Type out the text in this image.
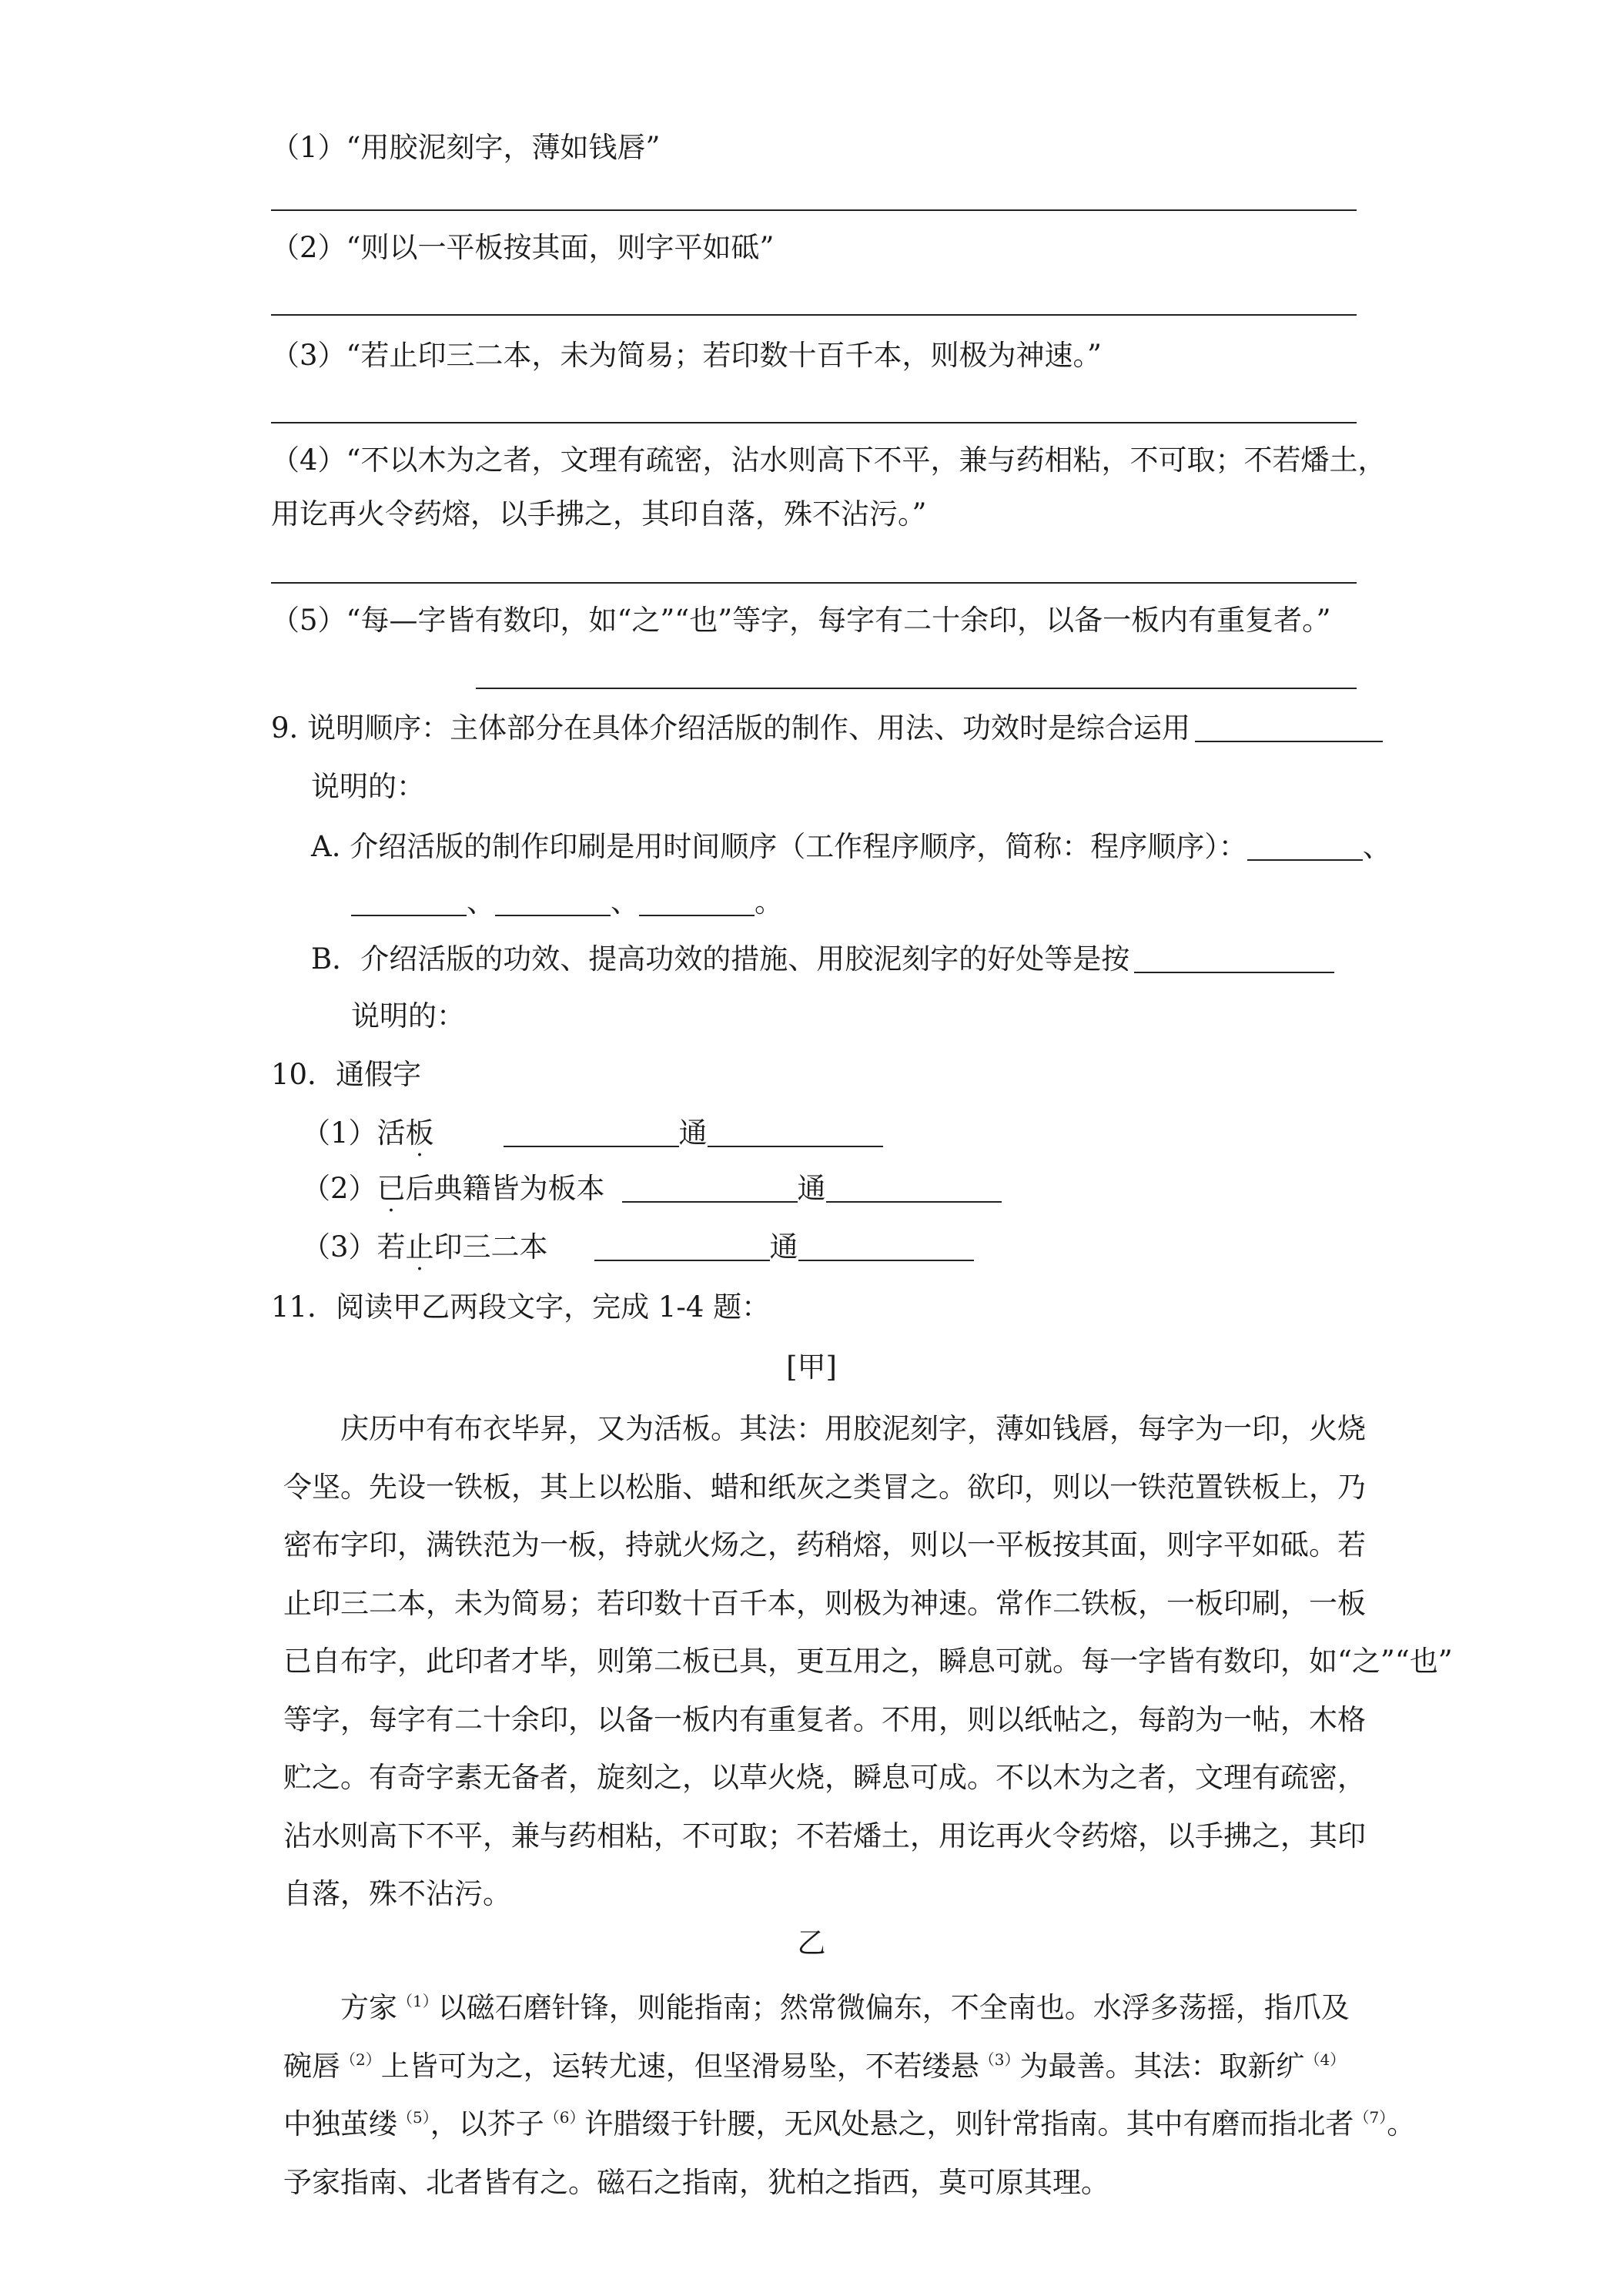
（1）“用胶泥刻字，薄如钱唇”
（2）“则以一平板按其面，则字平如砥”
（3）“若止印三二本，未为简易；若印数十百千本，则极为神速。”
（4）“不以木为之者，文理有疏密，沾水则高下不平，兼与药相粘，不可取；不若燔土，
用讫再火令药熔，以手拂之，其印自落，殊不沾污。”
（5）“每—字皆有数印，如“之”“也”等字，每字有二十余印，以备一板内有重复者。”
9. 说明顺序：主体部分在具体介绍活版的制作、用法、功效时是综合运用
说明的：
A. 介绍活版的制作印刷是用时间顺序（工作程序顺序，简称：程序顺序）：	、
、	、	。
B．介绍活版的功效、提高功效的措施、用胶泥刻字的好处等是按
说明的：
10．通假字
（1）活板	通
（2）已后典籍皆为板本	通
（3）若止印三二本	通
11．阅读甲乙两段文字，完成 1-4 题：
[甲]
庆历中有布衣毕昇，又为活板。其法：用胶泥刻字，薄如钱唇，每字为一印，火烧
令坚。先设一铁板，其上以松脂、蜡和纸灰之类冒之。欲印，则以一铁范置铁板上，乃
密布字印，满铁范为一板，持就火炀之，药稍熔，则以一平板按其面，则字平如砥。若
止印三二本，未为简易；若印数十百千本，则极为神速。常作二铁板，一板印刷，一板
已自布字，此印者才毕，则第二板已具，更互用之，瞬息可就。每一字皆有数印，如“之”“也”
等字，每字有二十余印，以备一板内有重复者。不用，则以纸帖之，每韵为一帖，木格
贮之。有奇字素无备者，旋刻之，以草火烧，瞬息可成。不以木为之者，文理有疏密，
沾水则高下不平，兼与药相粘，不可取；不若燔土，用讫再火令药熔，以手拂之，其印
自落，殊不沾污。
乙
方家$^{(1)}$以磁石磨针锋，则能指南；然常微偏东，不全南也。水浮多荡摇，指爪及
碗唇$^{(2)}$上皆可为之，运转尤速，但坚滑易坠，不若缕悬$^{(3)}$为最善。其法：取新纩$^{(4)}$
中独茧缕$^{(5)}$，以芥子$^{(6)}$许腊缀于针腰，无风处悬之，则针常指南。其中有磨而指北者$^{(7)}$。
予家指南、北者皆有之。磁石之指南，犹柏之指西，莫可原其理。
